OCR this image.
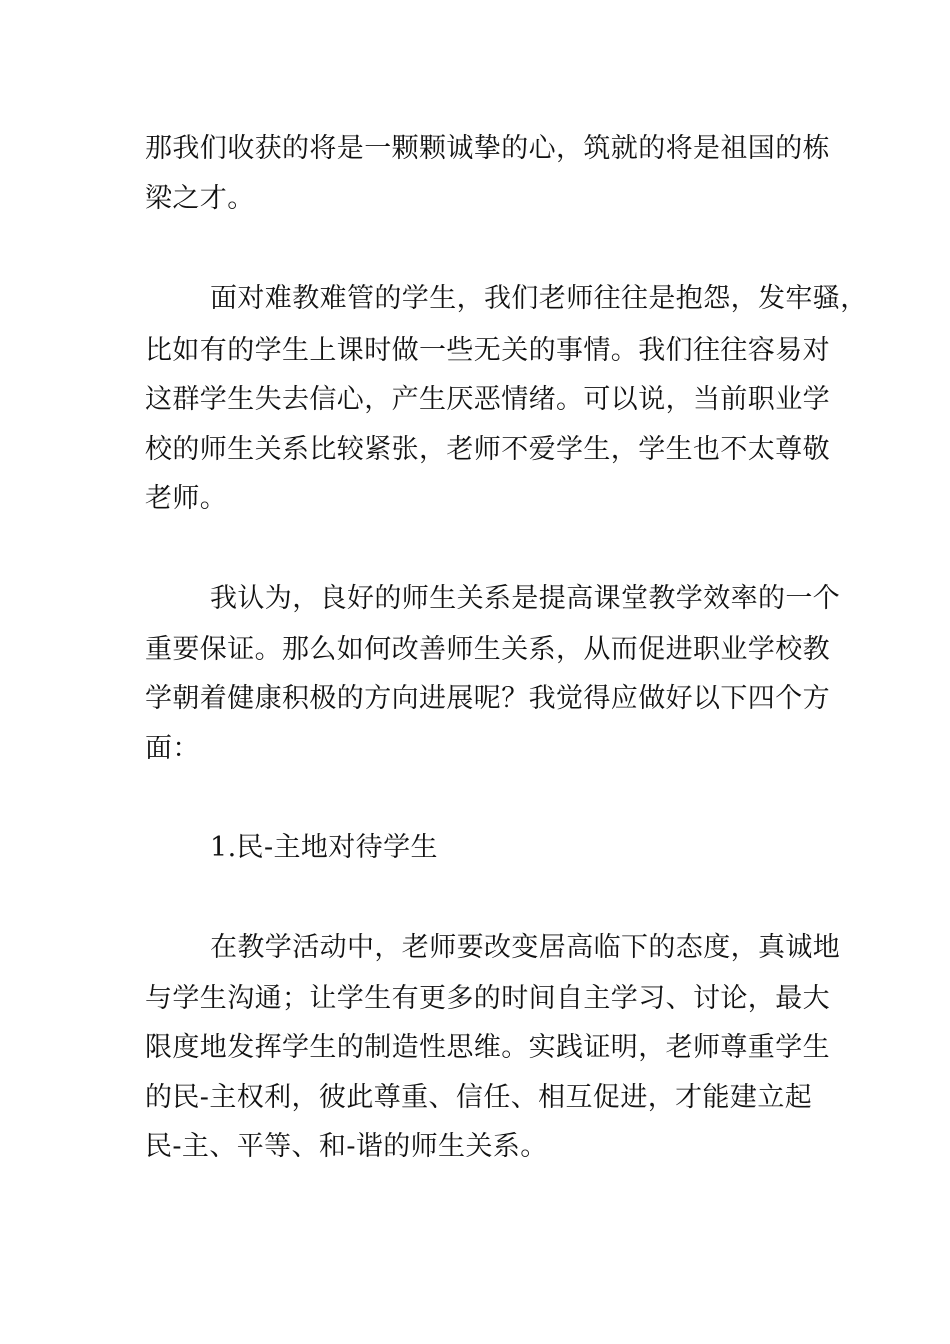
那我们收获的将是一颗颗诚挚的心，筑就的将是祖国的栋
梁之才。
面对难教难管的学生，我们老师往往是抱怨，发牢骚，
比如有的学生上课时做一些无关的事情。我们往往容易对
这群学生失去信心，产生厌恶情绪。可以说，当前职业学
校的师生关系比较紧张，老师不爱学生，学生也不太尊敬
老师。
我认为，良好的师生关系是提高课堂教学效率的一个
重要保证。那么如何改善师生关系，从而促进职业学校教
学朝着健康积极的方向进展呢？我觉得应做好以下四个方
面：
1.民-主地对待学生
在教学活动中，老师要改变居高临下的态度，真诚地
与学生沟通；让学生有更多的时间自主学习、讨论，最大
限度地发挥学生的制造性思维。实践证明，老师尊重学生
的民-主权利，彼此尊重、信任、相互促进，才能建立起
民-主、平等、和-谐的师生关系。
